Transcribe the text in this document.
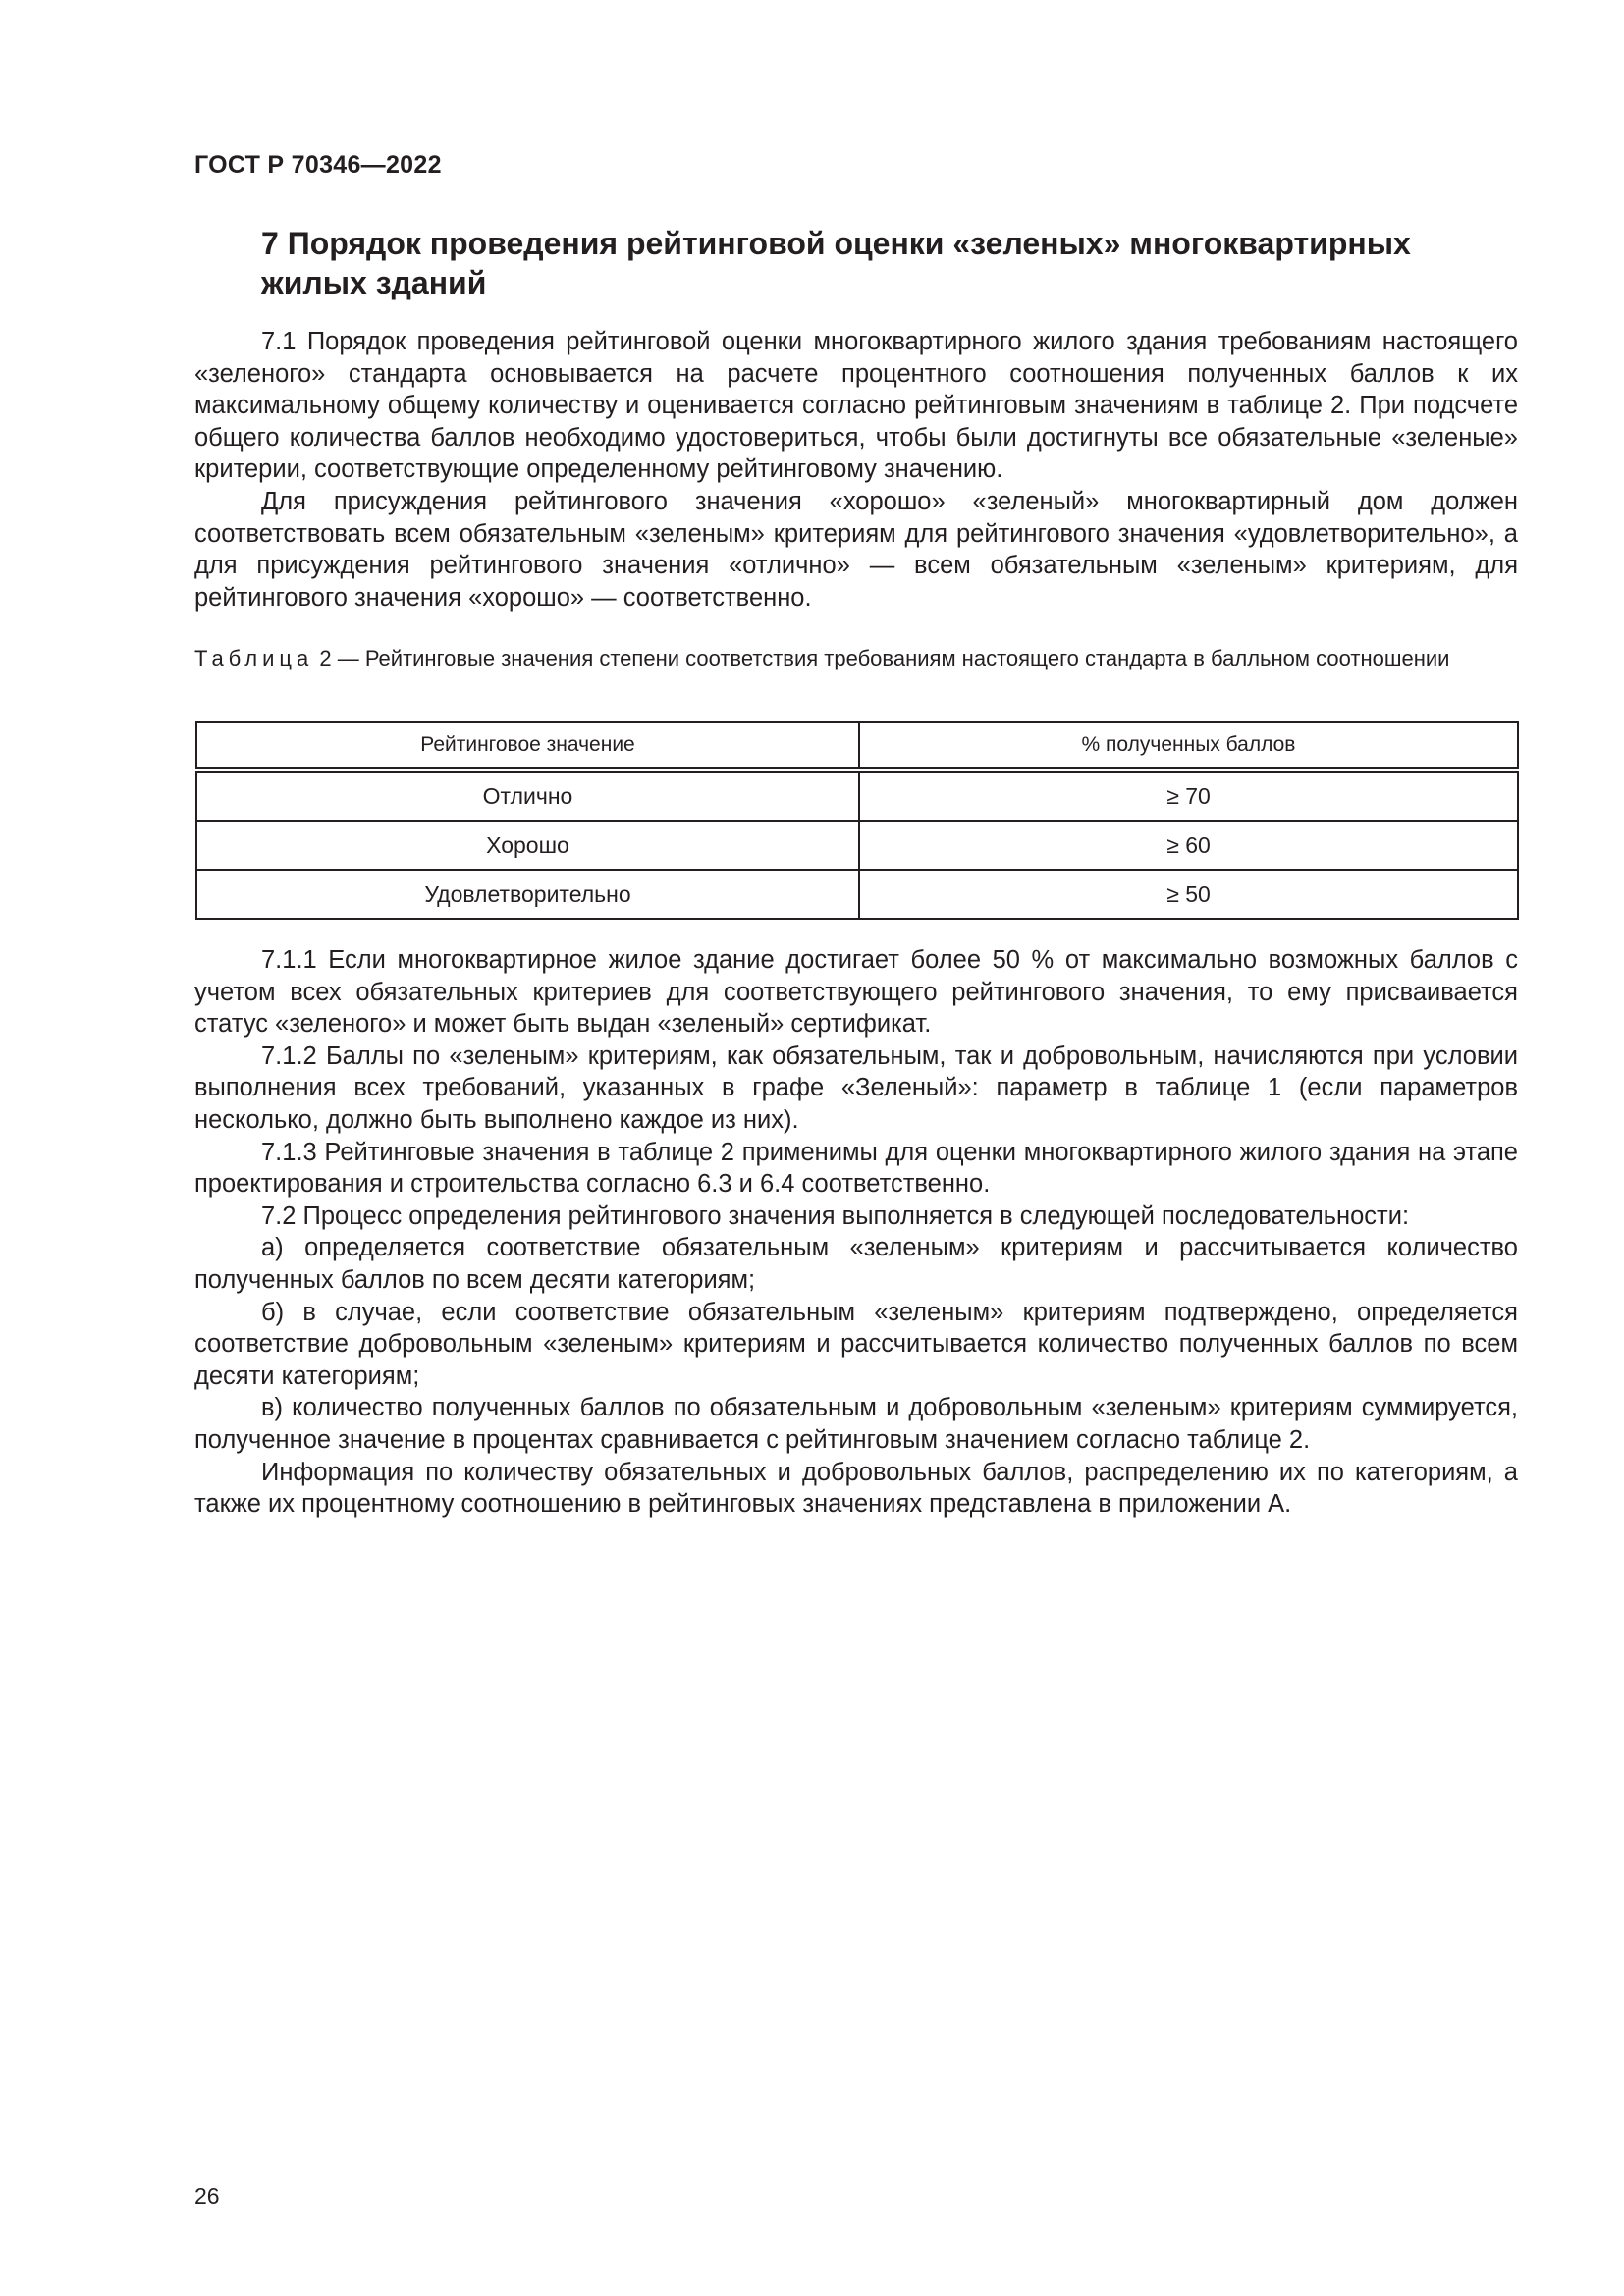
ГОСТ Р 70346—2022
7 Порядок проведения рейтинговой оценки «зеленых» многоквартирных
жилых зданий

7.1 Порядок проведения рейтинговой оценки многоквартирного жилого здания требованиям настоящего «зеленого» стандарта основывается на расчете процентного соотношения полученных баллов к их максимальному общему количеству и оценивается согласно рейтинговым значениям в таблице 2. При подсчете общего количества баллов необходимо удостовериться, чтобы были достигнуты все обязательные «зеленые» критерии, соответствующие определенному рейтинговому значению.

Для присуждения рейтингового значения «хорошо» «зеленый» многоквартирный дом должен соответствовать всем обязательным «зеленым» критериям для рейтингового значения «удовлетворительно», а для присуждения рейтингового значения «отлично» — всем обязательным «зеленым» критериям, для рейтингового значения «хорошо» — соответственно.

Таблица 2 — Рейтинговые значения степени соответствия требованиям настоящего стандарта в балльном соотношении
Рейтинговое значение	% полученных баллов
Отлично	≥ 70
Хорошо	≥ 60
Удовлетворительно	≥ 50

7.1.1 Если многоквартирное жилое здание достигает более 50 % от максимально возможных баллов с учетом всех обязательных критериев для соответствующего рейтингового значения, то ему присваивается статус «зеленого» и может быть выдан «зеленый» сертификат.

7.1.2 Баллы по «зеленым» критериям, как обязательным, так и добровольным, начисляются при условии выполнения всех требований, указанных в графе «Зеленый»: параметр в таблице 1 (если параметров несколько, должно быть выполнено каждое из них).

7.1.3 Рейтинговые значения в таблице 2 применимы для оценки многоквартирного жилого здания на этапе проектирования и строительства согласно 6.3 и 6.4 соответственно.

7.2 Процесс определения рейтингового значения выполняется в следующей последовательности:

а) определяется соответствие обязательным «зеленым» критериям и рассчитывается количество полученных баллов по всем десяти категориям;

б) в случае, если соответствие обязательным «зеленым» критериям подтверждено, определяется соответствие добровольным «зеленым» критериям и рассчитывается количество полученных баллов по всем десяти категориям;

в) количество полученных баллов по обязательным и добровольным «зеленым» критериям суммируется, полученное значение в процентах сравнивается с рейтинговым значением согласно таблице 2.

Информация по количеству обязательных и добровольных баллов, распределению их по категориям, а также их процентному соотношению в рейтинговых значениях представлена в приложении А.

26
